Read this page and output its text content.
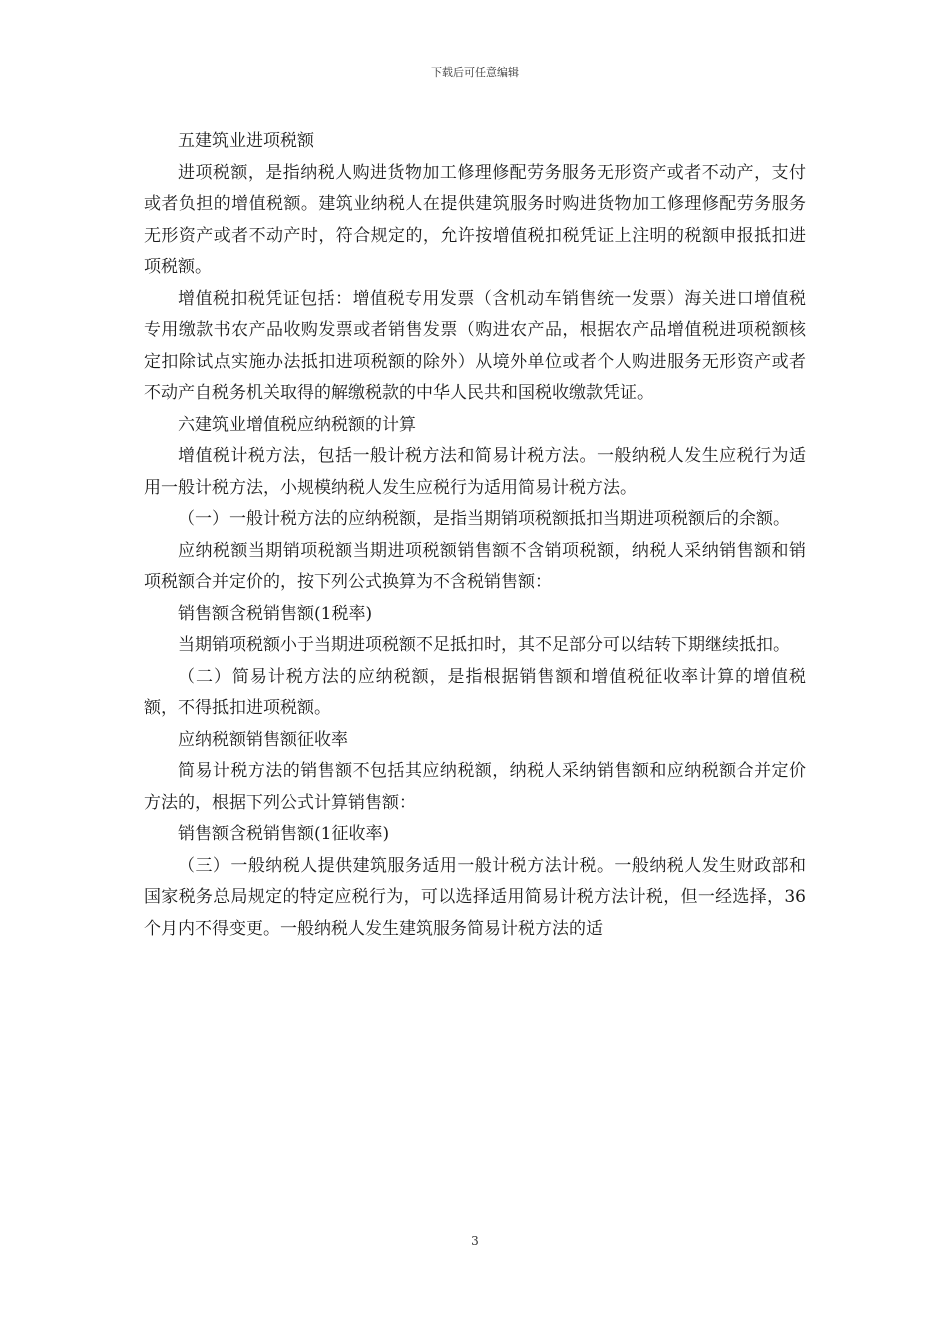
下载后可任意编辑

五建筑业进项税额

进项税额，是指纳税人购进货物加工修理修配劳务服务无形资产或者不动产，支付或者负担的增值税额。建筑业纳税人在提供建筑服务时购进货物加工修理修配劳务服务无形资产或者不动产时，符合规定的，允许按增值税扣税凭证上注明的税额申报抵扣进项税额。

增值税扣税凭证包括：增值税专用发票（含机动车销售统一发票）海关进口增值税专用缴款书农产品收购发票或者销售发票（购进农产品，根据农产品增值税进项税额核定扣除试点实施办法抵扣进项税额的除外）从境外单位或者个人购进服务无形资产或者不动产自税务机关取得的解缴税款的中华人民共和国税收缴款凭证。

六建筑业增值税应纳税额的计算

增值税计税方法，包括一般计税方法和简易计税方法。一般纳税人发生应税行为适用一般计税方法，小规模纳税人发生应税行为适用简易计税方法。

（一）一般计税方法的应纳税额，是指当期销项税额抵扣当期进项税额后的余额。

应纳税额当期销项税额当期进项税额销售额不含销项税额，纳税人采纳销售额和销项税额合并定价的，按下列公式换算为不含税销售额：

销售额含税销售额(1税率)

当期销项税额小于当期进项税额不足抵扣时，其不足部分可以结转下期继续抵扣。

（二）简易计税方法的应纳税额，是指根据销售额和增值税征收率计算的增值税额，不得抵扣进项税额。

应纳税额销售额征收率

简易计税方法的销售额不包括其应纳税额，纳税人采纳销售额和应纳税额合并定价方法的，根据下列公式计算销售额：

销售额含税销售额(1征收率)

（三）一般纳税人提供建筑服务适用一般计税方法计税。一般纳税人发生财政部和国家税务总局规定的特定应税行为，可以选择适用简易计税方法计税，但一经选择，36个月内不得变更。一般纳税人发生建筑服务简易计税方法的适

3
